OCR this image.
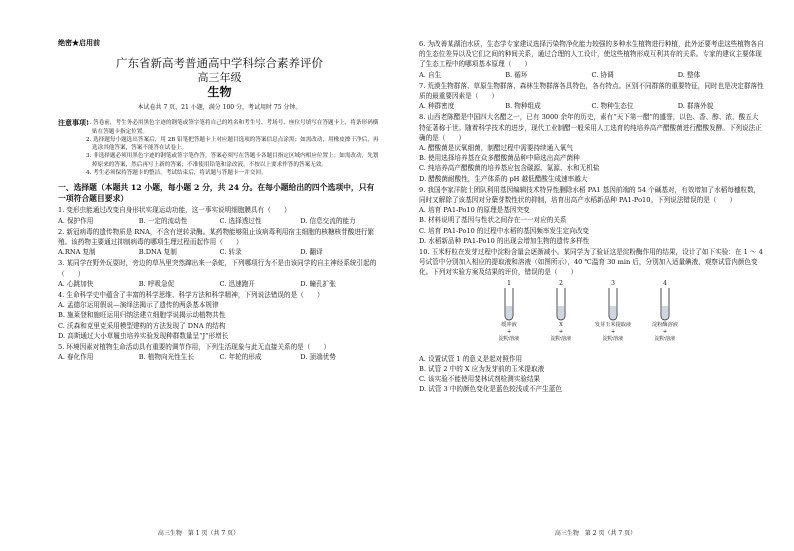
绝密★启用前
广东省新高考普通高中学科综合素养评价
高三年级
生物
本试卷共 7 页，21 小题，满分 100 分，考试用时 75 分钟。
注意事项：
1. 答卷前，考生务必用黑色字迹的钢笔或签字笔将自己的姓名和考生号、考场号、座位号填写在答题卡上，将条形码横贴在答题卡指定位置。
2. 选择题每小题选出答案后，用 2B 铅笔把答题卡上对应题目选项的答案信息点涂黑；如需改动，用橡皮擦干净后，再选涂其他答案，答案不能答在试卷上。
3. 非选择题必须用黑色字迹的钢笔或签字笔作答，答案必须写在答题卡各题目指定区域内相应位置上；如需改动，先划掉原来的答案，然后再写上新的答案；不准使用铅笔和涂改液。不按以上要求作答的答案无效。
4. 考生必须保持答题卡的整洁。考试结束后，将试题与答题卡一并交回。
一、选择题（本题共 12 小题，每小题 2 分，共 24 分。在每小题给出的四个选项中，只有一项符合题目要求）
1. 变形虫能通过改变自身形状实现运动功能，这一事实说明细胞膜具有（　　）
A. 保护作用	B. 一定的流动性	C. 选择透过性	D. 信息交流的能力
2. 新冠病毒的遗传物质是 RNA，不含有逆转录酶。某药物能够阻止该病毒利用宿主细胞的核糖核苷酸进行繁殖。该药物主要通过抑制病毒的哪项生理过程而起作用（　　）
A.RNA 复制	B.DNA 复制	C. 转录	D. 翻译
3. 某同学在野外玩耍时，旁边的草丛里突然蹿出来一条蛇，下列哪项行为不是由该同学的自主神经系统引起的（　　）
A. 心跳加快	B. 呼吸急促	C. 迅速跑开	D. 瞳孔扩张
4. 生命科学史中蕴含了丰富的科学思维、科学方法和科学精神，下列说法错误的是（　　）
A. 孟德尔运用假说—演绎法揭示了遗传的两条基本规律
B. 施莱登和施旺运用归纳法建立细胞学说揭示动植物共性
C. 沃森和克里克采用模型建构的方法发现了 DNA 的结构
D. 高斯通过大小草履虫培养实验发现种群数量呈“J”形增长
5. 环境因素对植物生命活动具有重要的调节作用，下列生活现象与此无直接关系的是（　　）
A. 春化作用	B. 植物向光性生长	C. 年轮的形成	D. 顶端优势
高三生物　第 1 页（共 7 页）
6. 为改善某湖泊水质，生态学专家建议选择污染物净化能力较强的多种水生植物进行种植，此外还要考虑这些植物各自的生态位差异以及它们之间的种间关系，通过合理的人工设计，使这些植物形成互利共存的关系。专家的建议主要体现了生态工程中的哪项基本原理（　　）
A. 自生	B. 循环	C. 协调	D. 整体
7. 荒漠生物群落、草原生物群落、森林生物群落各具特色，各有特点。区别不同群落的重要特征，同时也是决定群落性质的最重要因素是（　　）
A. 种群密度	B. 物种组成	C. 物种生态位	D. 群落外貌
8. 山西老陈醋是中国四大名醋之一，已有 3000 余年的历史，素有“天下第一醋”的盛誉，以色、香、醇、浓、酸五大特征著称于世。随着科学技术的进步，现代工业制醋一般采用人工选育的纯培养高产醋酸菌进行醋酸发酵。下列说法正确的是（　　）
A. 醋酸菌是厌氧细菌，制醋过程中需要持续通入氧气
B. 使用选择培养基在众多醋酸菌品种中筛选出高产菌种
C. 纯培养高产醋酸菌的培养基应包含碳源、氮源、水和无机盐
D. 醋酸菌耐酸性，生产体系的 pH 越低醋酸生成速率越大
9. 我国李家洋院士团队利用基因编辑技术特异性删除水稻 PA1 基因前端的 54 个碱基对，有效增加了水稻每穗粒数，同时又解除了该基因对分蘖芽数性状的抑制，培育出高产水稻新品种 PA1-Po10。下列说法错误的是（　　）
A. 培育 PA1-Po10 的原理是基因突变
B. 材料说明了基因与性状之间存在一一对应的关系
C. 培育 PA1-Po10 的过程中水稻的基因频率发生定向改变
D. 水稻新品种 PA1-Po10 的出现会增加生物的遗传多样性
10. 玉米籽粒在发芽过程中淀粉含量会逐渐减小。某同学为了验证这是淀粉酶作用的结果，设计了如下实验：在 1 ～ 4 号试管中分别加入相应的提取液和溶液（如图所示），40 ℃温育 30 min 后，分别加入适量碘液，观察试管内颜色变化。下列对实验方案及结果的评价，错误的是（　　）
1
缓冲液
+
淀粉溶液
2
X
+
淀粉溶液
3
发芽玉米提取液
+
淀粉溶液
4
淀粉酶溶液
+
淀粉溶液
A. 设置试管 1 的意义是起对照作用
B. 试管 2 中的 X 应为发芽前的玉米提取液
C. 该实验不能使用斐林试剂检测实验结果
D. 试管 3 中的颜色变化是蓝色较浅或不产生蓝色
高三生物　第 2 页（共 7 页）
